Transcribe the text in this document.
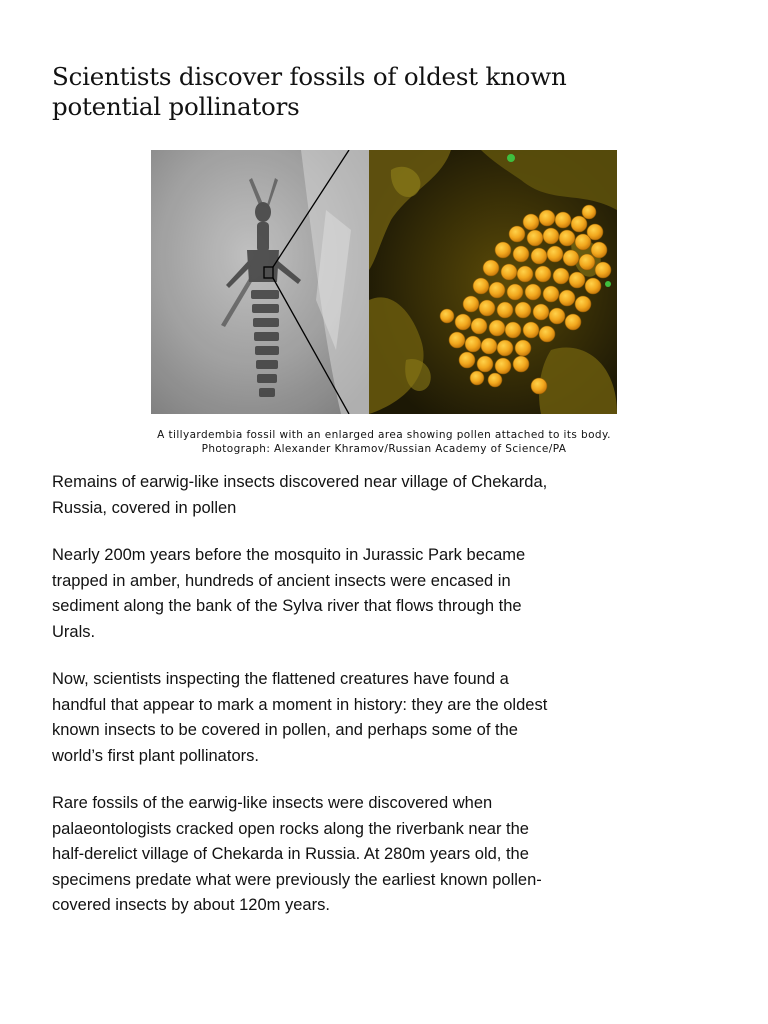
Scientists discover fossils of oldest known potential pollinators
A tillyardembia fossil with an enlarged area showing pollen attached to its body.
Photograph: Alexander Khramov/Russian Academy of Science/PA

Remains of earwig-like insects discovered near village of Chekarda, Russia, covered in pollen

Nearly 200m years before the mosquito in Jurassic Park became trapped in amber, hundreds of ancient insects were encased in sediment along the bank of the Sylva river that flows through the Urals.

Now, scientists inspecting the flattened creatures have found a handful that appear to mark a moment in history: they are the oldest known insects to be covered in pollen, and perhaps some of the world’s first plant pollinators.

Rare fossils of the earwig-like insects were discovered when palaeontologists cracked open rocks along the riverbank near the half-derelict village of Chekarda in Russia. At 280m years old, the specimens predate what were previously the earliest known pollen-covered insects by about 120m years.
